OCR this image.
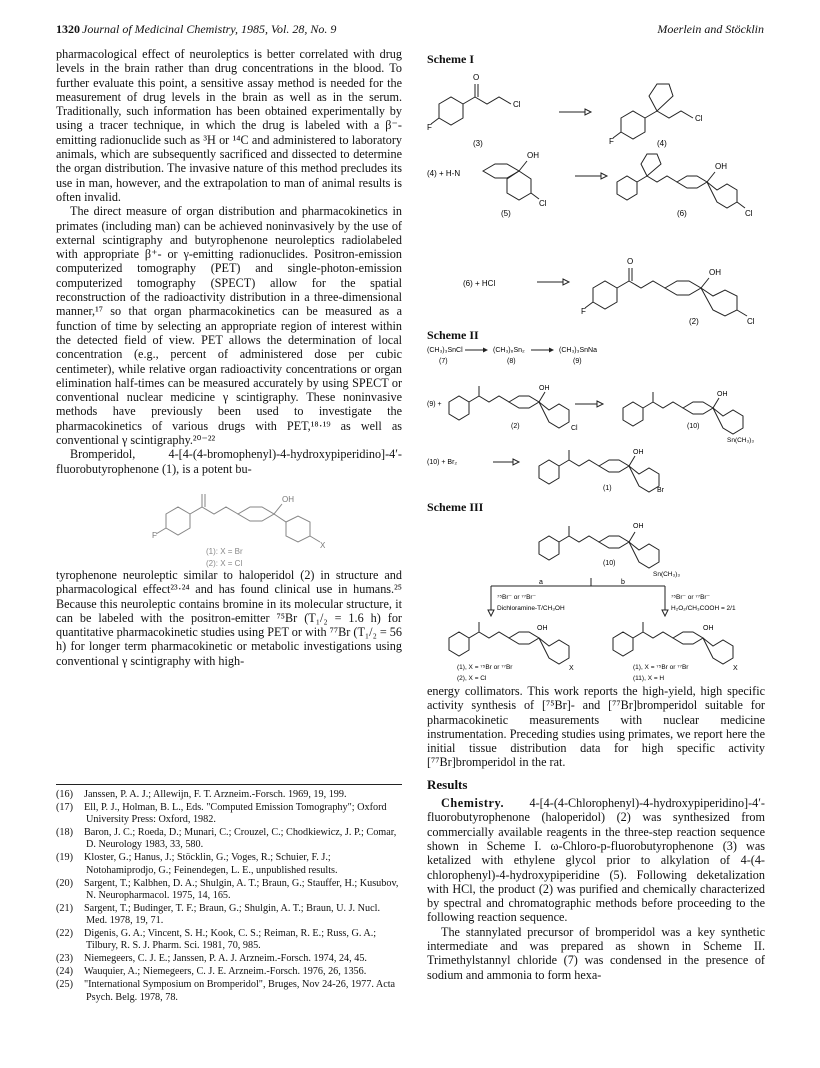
1320 Journal of Medicinal Chemistry, 1985, Vol. 28, No. 9	Moerlein and Stöcklin

pharmacological effect of neuroleptics is better correlated with drug levels in the brain rather than drug concentrations in the blood. To further evaluate this point, a sensitive assay method is needed for the measurement of drug levels in the brain as well as in the serum. Traditionally, such information has been obtained experimentally by using a tracer technique, in which the drug is labeled with a β⁻-emitting radionuclide such as ³H or ¹⁴C and administered to laboratory animals, which are subsequently sacrificed and dissected to determine the organ distribution. The invasive nature of this method precludes its use in man, however, and the extrapolation to man of animal results is often invalid.

The direct measure of organ distribution and pharmacokinetics in primates (including man) can be achieved noninvasively by the use of external scintigraphy and butyrophenone neuroleptics radiolabeled with appropriate β⁺- or γ-emitting radionuclides. Positron-emission computerized tomography (PET) and single-photon-emission computerized tomography (SPECT) allow for the spatial reconstruction of the radioactivity distribution in a three-dimensional manner,¹⁷ so that organ pharmacokinetics can be measured as a function of time by selecting an appropriate region of interest within the detected field of view. PET allows the determination of local concentration (e.g., percent of administered dose per cubic centimeter), while relative organ radioactivity concentrations or organ elimination half-times can be measured accurately by using SPECT or conventional nuclear medicine γ scintigraphy. These noninvasive methods have previously been used to investigate the pharmacokinetics of various drugs with PET,¹⁸·¹⁹ as well as conventional γ scintigraphy.²⁰⁻²²

Bromperidol, 4-[4-(4-bromophenyl)-4-hydroxypiperidino]-4′-fluorobutyrophenone (1), is a potent bu-

F
OH
X
(1): X = Br
(2): X = Cl

tyrophenone neuroleptic similar to haloperidol (2) in structure and pharmacological effect²³·²⁴ and has found clinical use in humans.²⁵ Because this neuroleptic contains bromine in its molecular structure, it can be labeled with the positron-emitter ⁷⁵Br (T₁/₂ = 1.6 h) for quantitative pharmacokinetic studies using PET or with ⁷⁷Br (T₁/₂ = 56 h) for longer term pharmacokinetic or metabolic investigations using conventional γ scintigraphy with high-

(16) Janssen, P. A. J.; Allewijn, F. T. Arzneim.-Forsch. 1969, 19, 199.
(17) Ell, P. J., Holman, B. L., Eds. "Computed Emission Tomography"; Oxford University Press: Oxford, 1982.
(18) Baron, J. C.; Roeda, D.; Munari, C.; Crouzel, C.; Chodkiewicz, J. P.; Comar, D. Neurology 1983, 33, 580.
(19) Kloster, G.; Hanus, J.; Stöcklin, G.; Voges, R.; Schuier, F. J.; Notohamiprodjo, G.; Feinendegen, L. E., unpublished results.
(20) Sargent, T.; Kalbhen, D. A.; Shulgin, A. T.; Braun, G.; Stauffer, H.; Kusubov, N. Neuropharmacol. 1975, 14, 165.
(21) Sargent, T.; Budinger, T. F.; Braun, G.; Shulgin, A. T.; Braun, U. J. Nucl. Med. 1978, 19, 71.
(22) Digenis, G. A.; Vincent, S. H.; Kook, C. S.; Reiman, R. E.; Russ, G. A.; Tilbury, R. S. J. Pharm. Sci. 1981, 70, 985.
(23) Niemegeers, C. J. E.; Janssen, P. A. J. Arzneim.-Forsch. 1974, 24, 45.
(24) Wauquier, A.; Niemegeers, C. J. E. Arzneim.-Forsch. 1976, 26, 1356.
(25) "International Symposium on Bromperidol", Bruges, Nov 24-26, 1977. Acta Psych. Belg. 1978, 78.
Scheme I
O
Cl
F
(3)
Cl
F	(4)
(4) + H-N
OH
Cl
(5)
OH
Cl
(6)
(6) + HCl
O
OH
F
Cl
(2)
Scheme II
(CH₃)₃SnCl	(CH₃)₆Sn₂	(CH₃)₃SnNa
(7)	(8)	(9)
(9) +
OH
Cl
(2)
OH
(10)
Sn(CH₃)₃
(10) + Br₂
OH
Br
(1)
Scheme III
OH
(10)
Sn(CH₃)₃
a	b
⁷⁵Br⁻ or ⁷⁷Br⁻
Dichloramine-T/CH₃OH
⁷⁵Br⁻ or ⁷⁷Br⁻
H₂O₂/CH₃COOH = 2/1
OH	OH
X	X
(1), X = ⁷⁵Br or ⁷⁷Br
(2), X = Cl
(1), X = ⁷⁵Br or ⁷⁷Br
(11), X = H

energy collimators. This work reports the high-yield, high specific activity synthesis of [⁷⁵Br]- and [⁷⁷Br]bromperidol suitable for pharmacokinetic measurements with nuclear medicine instrumentation. Preceding studies using primates, we report here the initial tissue distribution data for high specific activity [⁷⁷Br]bromperidol in the rat.

Results

Chemistry. 4-[4-(4-Chlorophenyl)-4-hydroxypiperidino]-4′-fluorobutyrophenone (haloperidol) (2) was synthesized from commercially available reagents in the three-step reaction sequence shown in Scheme I. ω-Chloro-p-fluorobutyrophenone (3) was ketalized with ethylene glycol prior to alkylation of 4-(4-chlorophenyl)-4-hydroxypiperidine (5). Following deketalization with HCl, the product (2) was purified and chemically characterized by spectral and chromatographic methods before proceeding to the following reaction sequence.

The stannylated precursor of bromperidol was a key synthetic intermediate and was prepared as shown in Scheme II. Trimethylstannyl chloride (7) was condensed in the presence of sodium and ammonia to form hexa-
